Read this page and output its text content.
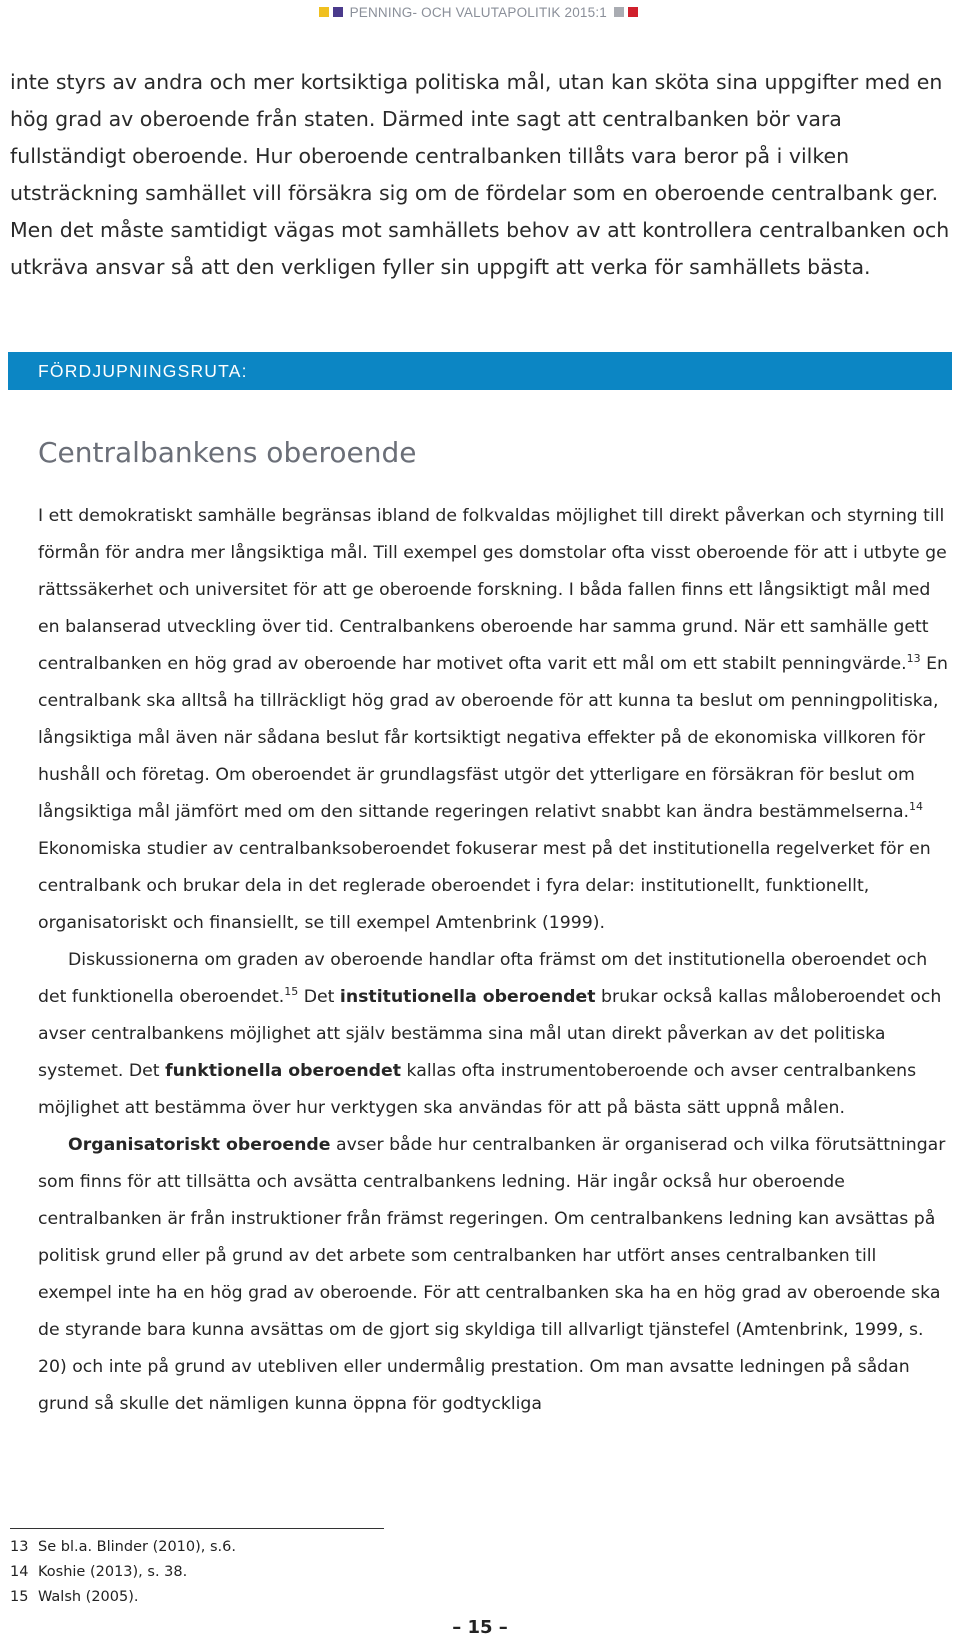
PENNING- OCH VALUTAPOLITIK 2015:1

inte styrs av andra och mer kortsiktiga politiska mål, utan kan sköta sina uppgifter med en hög grad av oberoende från staten. Därmed inte sagt att centralbanken bör vara fullständigt oberoende. Hur oberoende centralbanken tillåts vara beror på i vilken utsträckning samhället vill försäkra sig om de fördelar som en oberoende centralbank ger. Men det måste samtidigt vägas mot samhällets behov av att kontrollera centralbanken och utkräva ansvar så att den verkligen fyller sin uppgift att verka för samhällets bästa.

FÖRDJUPNINGSRUTA:
Centralbankens oberoende

I ett demokratiskt samhälle begränsas ibland de folkvaldas möjlighet till direkt påverkan och styrning till förmån för andra mer långsiktiga mål. Till exempel ges domstolar ofta visst oberoende för att i utbyte ge rättssäkerhet och universitet för att ge oberoende forskning. I båda fallen finns ett långsiktigt mål med en balanserad utveckling över tid. Centralbankens oberoende har samma grund. När ett samhälle gett centralbanken en hög grad av oberoende har motivet ofta varit ett mål om ett stabilt penningvärde.$^{13}$ En centralbank ska alltså ha tillräckligt hög grad av oberoende för att kunna ta beslut om penningpolitiska, långsiktiga mål även när sådana beslut får kortsiktigt negativa effekter på de ekonomiska villkoren för hushåll och företag. Om oberoendet är grundlagsfäst utgör det ytterligare en försäkran för beslut om långsiktiga mål jämfört med om den sittande regeringen relativt snabbt kan ändra bestämmelserna.$^{14}$ Ekonomiska studier av centralbanksoberoendet fokuserar mest på det institutionella regelverket för en centralbank och brukar dela in det reglerade oberoendet i fyra delar: institutionellt, funktionellt, organisatoriskt och finansiellt, se till exempel Amtenbrink (1999).

Diskussionerna om graden av oberoende handlar ofta främst om det institutionella oberoendet och det funktionella oberoendet.$^{15}$ Det institutionella oberoendet brukar också kallas måloberoendet och avser centralbankens möjlighet att själv bestämma sina mål utan direkt påverkan av det politiska systemet. Det funktionella oberoendet kallas ofta instrumentoberoende och avser centralbankens möjlighet att bestämma över hur verktygen ska användas för att på bästa sätt uppnå målen.

Organisatoriskt oberoende avser både hur centralbanken är organiserad och vilka förutsättningar som finns för att tillsätta och avsätta centralbankens ledning. Här ingår också hur oberoende centralbanken är från instruktioner från främst regeringen. Om centralbankens ledning kan avsättas på politisk grund eller på grund av det arbete som centralbanken har utfört anses centralbanken till exempel inte ha en hög grad av oberoende. För att centralbanken ska ha en hög grad av oberoende ska de styrande bara kunna avsättas om de gjort sig skyldiga till allvarligt tjänstefel (Amtenbrink, 1999, s. 20) och inte på grund av utebliven eller undermålig prestation. Om man avsatte ledningen på sådan grund så skulle det nämligen kunna öppna för godtyckliga

13 Se bl.a. Blinder (2010), s.6.
14 Koshie (2013), s. 38.
15 Walsh (2005).
– 15 –
